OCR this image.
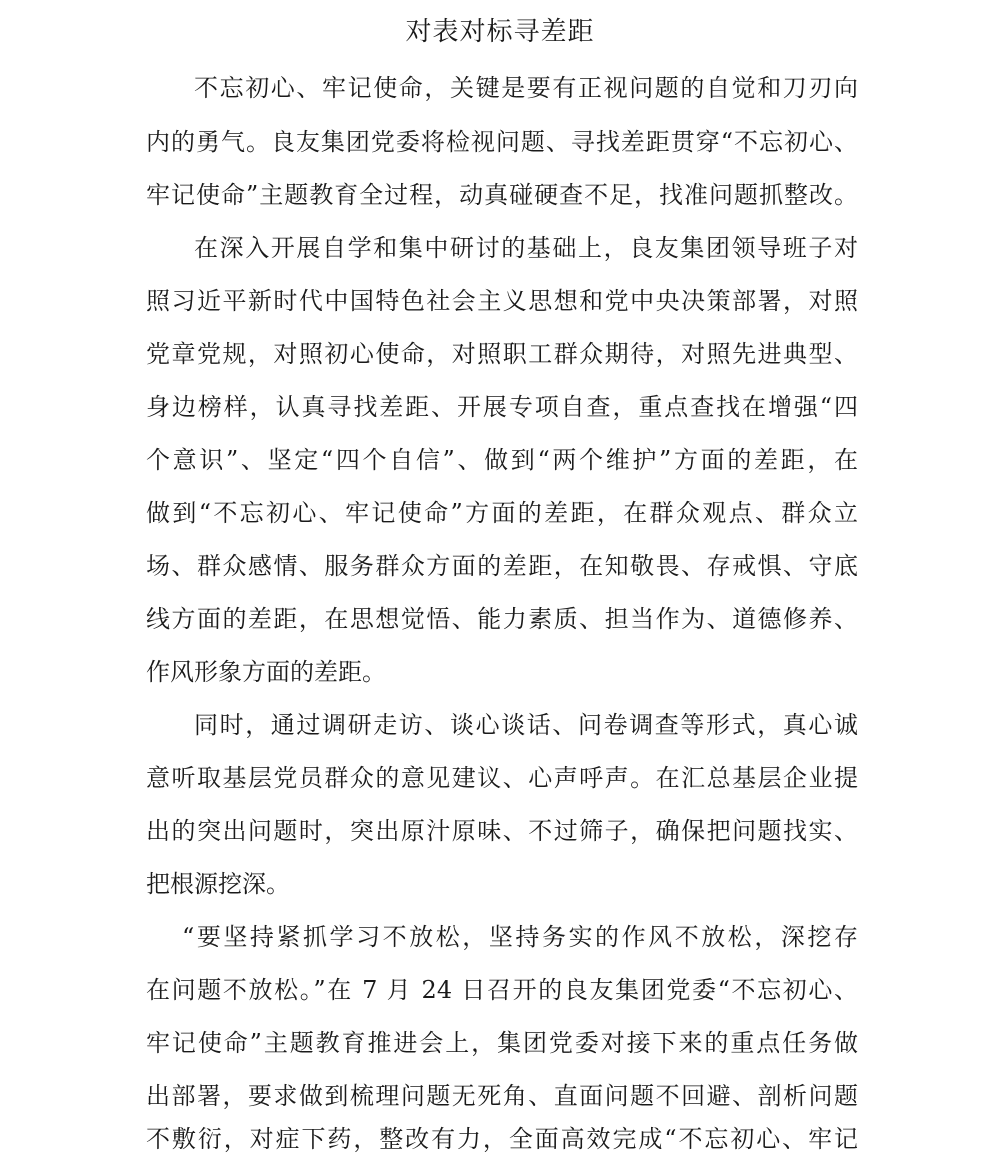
对表对标寻差距
不忘初心、牢记使命，关键是要有正视问题的自觉和刀刃向
内的勇气。良友集团党委将检视问题、寻找差距贯穿“不忘初心、
牢记使命”主题教育全过程，动真碰硬查不足，找准问题抓整改。
在深入开展自学和集中研讨的基础上，良友集团领导班子对
照习近平新时代中国特色社会主义思想和党中央决策部署，对照
党章党规，对照初心使命，对照职工群众期待，对照先进典型、
身边榜样，认真寻找差距、开展专项自查，重点查找在增强“四
个意识”、坚定“四个自信”、做到“两个维护”方面的差距，在
做到“不忘初心、牢记使命”方面的差距，在群众观点、群众立
场、群众感情、服务群众方面的差距，在知敬畏、存戒惧、守底
线方面的差距，在思想觉悟、能力素质、担当作为、道德修养、
作风形象方面的差距。
同时，通过调研走访、谈心谈话、问卷调查等形式，真心诚
意听取基层党员群众的意见建议、心声呼声。在汇总基层企业提
出的突出问题时，突出原汁原味、不过筛子，确保把问题找实、
把根源挖深。
“要坚持紧抓学习不放松，坚持务实的作风不放松，深挖存
在问题不放松。”在 7 月 24 日召开的良友集团党委“不忘初心、
牢记使命”主题教育推进会上，集团党委对接下来的重点任务做
出部署，要求做到梳理问题无死角、直面问题不回避、剖析问题
不敷衍，对症下药，整改有力，全面高效完成“不忘初心、牢记
